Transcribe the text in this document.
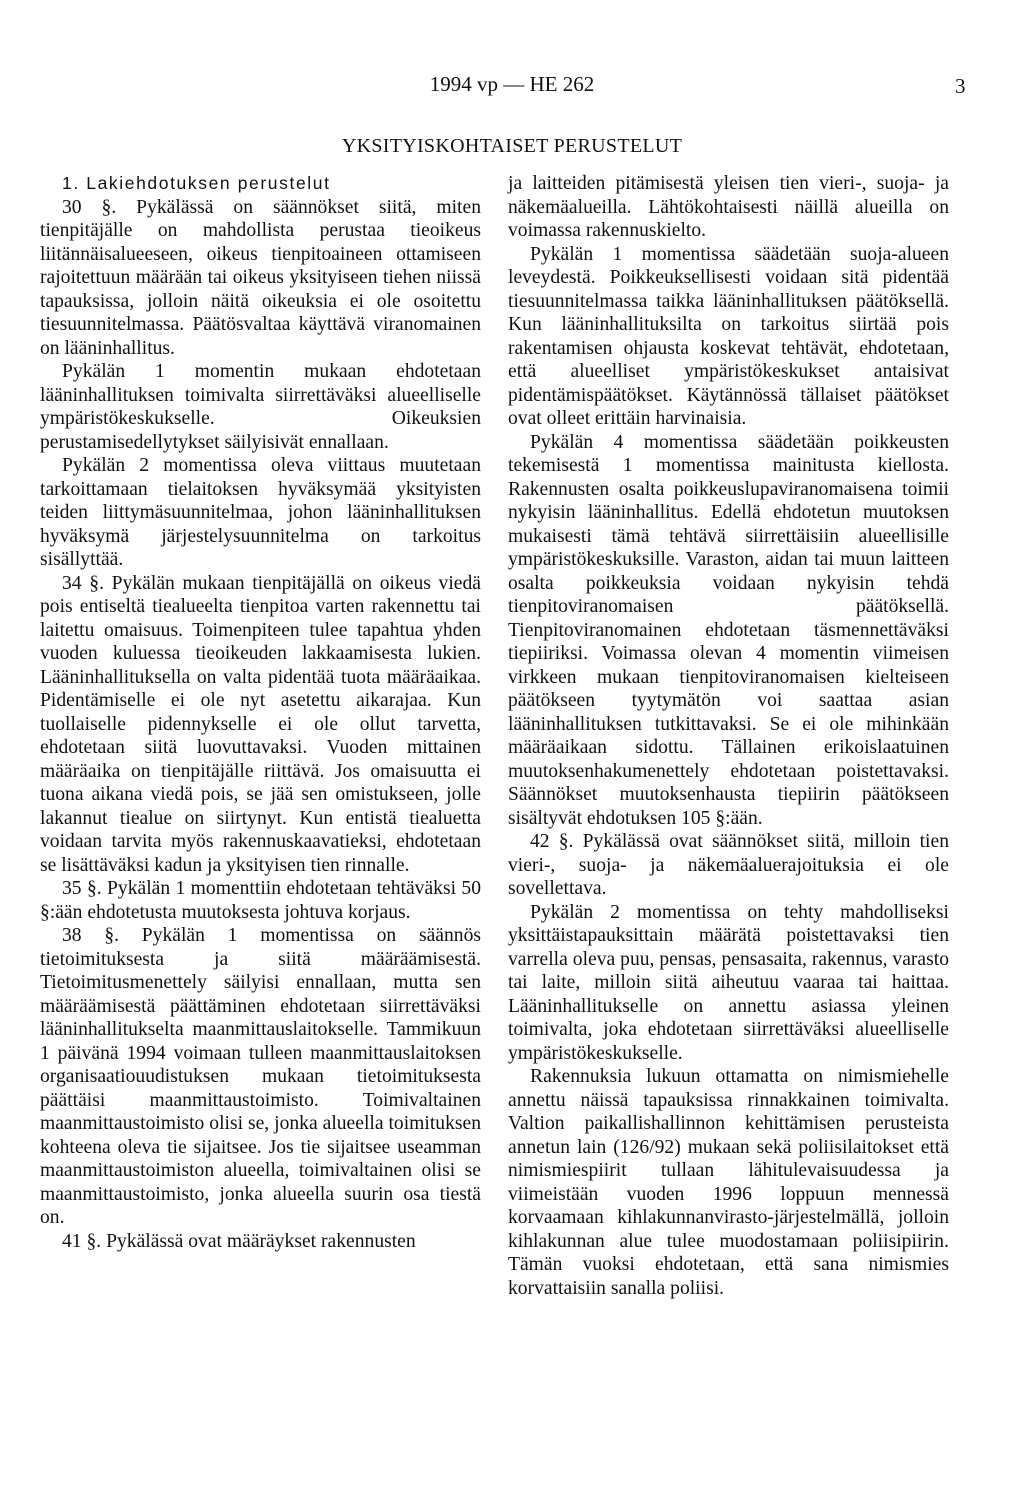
1994 vp — HE 262	3
YKSITYISKOHTAISET PERUSTELUT

1. Lakiehdotuksen perustelut

30 §. Pykälässä on säännökset siitä, miten tienpitäjälle on mahdollista perustaa tieoikeus liitännäisalueeseen, oikeus tienpitoaineen ottamiseen rajoitettuun määrään tai oikeus yksityiseen tiehen niissä tapauksissa, jolloin näitä oikeuksia ei ole osoitettu tiesuunnitelmassa. Päätösvaltaa käyttävä viranomainen on lääninhallitus.

Pykälän 1 momentin mukaan ehdotetaan lääninhallituksen toimivalta siirrettäväksi alueelliselle ympäristökeskukselle. Oikeuksien perustamisedellytykset säilyisivät ennallaan.

Pykälän 2 momentissa oleva viittaus muutetaan tarkoittamaan tielaitoksen hyväksymää yksityisten teiden liittymäsuunnitelmaa, johon lääninhallituksen hyväksymä järjestelysuunnitelma on tarkoitus sisällyttää.

34 §. Pykälän mukaan tienpitäjällä on oikeus viedä pois entiseltä tiealueelta tienpitoa varten rakennettu tai laitettu omaisuus. Toimenpiteen tulee tapahtua yhden vuoden kuluessa tieoikeuden lakkaamisesta lukien. Lääninhallituksella on valta pidentää tuota määräaikaa. Pidentämiselle ei ole nyt asetettu aikarajaa. Kun tuollaiselle pidennykselle ei ole ollut tarvetta, ehdotetaan siitä luovuttavaksi. Vuoden mittainen määräaika on tienpitäjälle riittävä. Jos omaisuutta ei tuona aikana viedä pois, se jää sen omistukseen, jolle lakannut tiealue on siirtynyt. Kun entistä tiealuetta voidaan tarvita myös rakennuskaavatieksi, ehdotetaan se lisättäväksi kadun ja yksityisen tien rinnalle.

35 §. Pykälän 1 momenttiin ehdotetaan tehtäväksi 50 §:ään ehdotetusta muutoksesta johtuva korjaus.

38 §. Pykälän 1 momentissa on säännös tietoimituksesta ja siitä määräämisestä. Tietoimitusmenettely säilyisi ennallaan, mutta sen määräämisestä päättäminen ehdotetaan siirrettäväksi lääninhallitukselta maanmittauslaitokselle. Tammikuun 1 päivänä 1994 voimaan tulleen maanmittauslaitoksen organisaatiouudistuksen mukaan tietoimituksesta päättäisi maanmittaustoimisto. Toimivaltainen maanmittaustoimisto olisi se, jonka alueella toimituksen kohteena oleva tie sijaitsee. Jos tie sijaitsee useamman maanmittaustoimiston alueella, toimivaltainen olisi se maanmittaustoimisto, jonka alueella suurin osa tiestä on.

41 §. Pykälässä ovat määräykset rakennusten

ja laitteiden pitämisestä yleisen tien vieri-, suoja- ja näkemäalueilla. Lähtökohtaisesti näillä alueilla on voimassa rakennuskielto.

Pykälän 1 momentissa säädetään suoja-alueen leveydestä. Poikkeuksellisesti voidaan sitä pidentää tiesuunnitelmassa taikka lääninhallituksen päätöksellä. Kun lääninhallituksilta on tarkoitus siirtää pois rakentamisen ohjausta koskevat tehtävät, ehdotetaan, että alueelliset ympäristökeskukset antaisivat pidentämispäätökset. Käytännössä tällaiset päätökset ovat olleet erittäin harvinaisia.

Pykälän 4 momentissa säädetään poikkeusten tekemisestä 1 momentissa mainitusta kiellosta. Rakennusten osalta poikkeuslupaviranomaisena toimii nykyisin lääninhallitus. Edellä ehdotetun muutoksen mukaisesti tämä tehtävä siirrettäisiin alueellisille ympäristökeskuksille. Varaston, aidan tai muun laitteen osalta poikkeuksia voidaan nykyisin tehdä tienpitoviranomaisen päätöksellä. Tienpitoviranomainen ehdotetaan täsmennettäväksi tiepiiriksi. Voimassa olevan 4 momentin viimeisen virkkeen mukaan tienpitoviranomaisen kielteiseen päätökseen tyytymätön voi saattaa asian lääninhallituksen tutkittavaksi. Se ei ole mihinkään määräaikaan sidottu. Tällainen erikoislaatuinen muutoksenhakumenettely ehdotetaan poistettavaksi. Säännökset muutoksenhausta tiepiirin päätökseen sisältyvät ehdotuksen 105 §:ään.

42 §. Pykälässä ovat säännökset siitä, milloin tien vieri-, suoja- ja näkemäaluerajoituksia ei ole sovellettava.

Pykälän 2 momentissa on tehty mahdolliseksi yksittäistapauksittain määrätä poistettavaksi tien varrella oleva puu, pensas, pensasaita, rakennus, varasto tai laite, milloin siitä aiheutuu vaaraa tai haittaa. Lääninhallitukselle on annettu asiassa yleinen toimivalta, joka ehdotetaan siirrettäväksi alueelliselle ympäristökeskukselle.

Rakennuksia lukuun ottamatta on nimismiehelle annettu näissä tapauksissa rinnakkainen toimivalta. Valtion paikallishallinnon kehittämisen perusteista annetun lain (126/92) mukaan sekä poliisilaitokset että nimismiespiirit tullaan lähitulevaisuudessa ja viimeistään vuoden 1996 loppuun mennessä korvaamaan kihlakunnanvirasto-järjestelmällä, jolloin kihlakunnan alue tulee muodostamaan poliisipiirin. Tämän vuoksi ehdotetaan, että sana nimismies korvattaisiin sanalla poliisi.
